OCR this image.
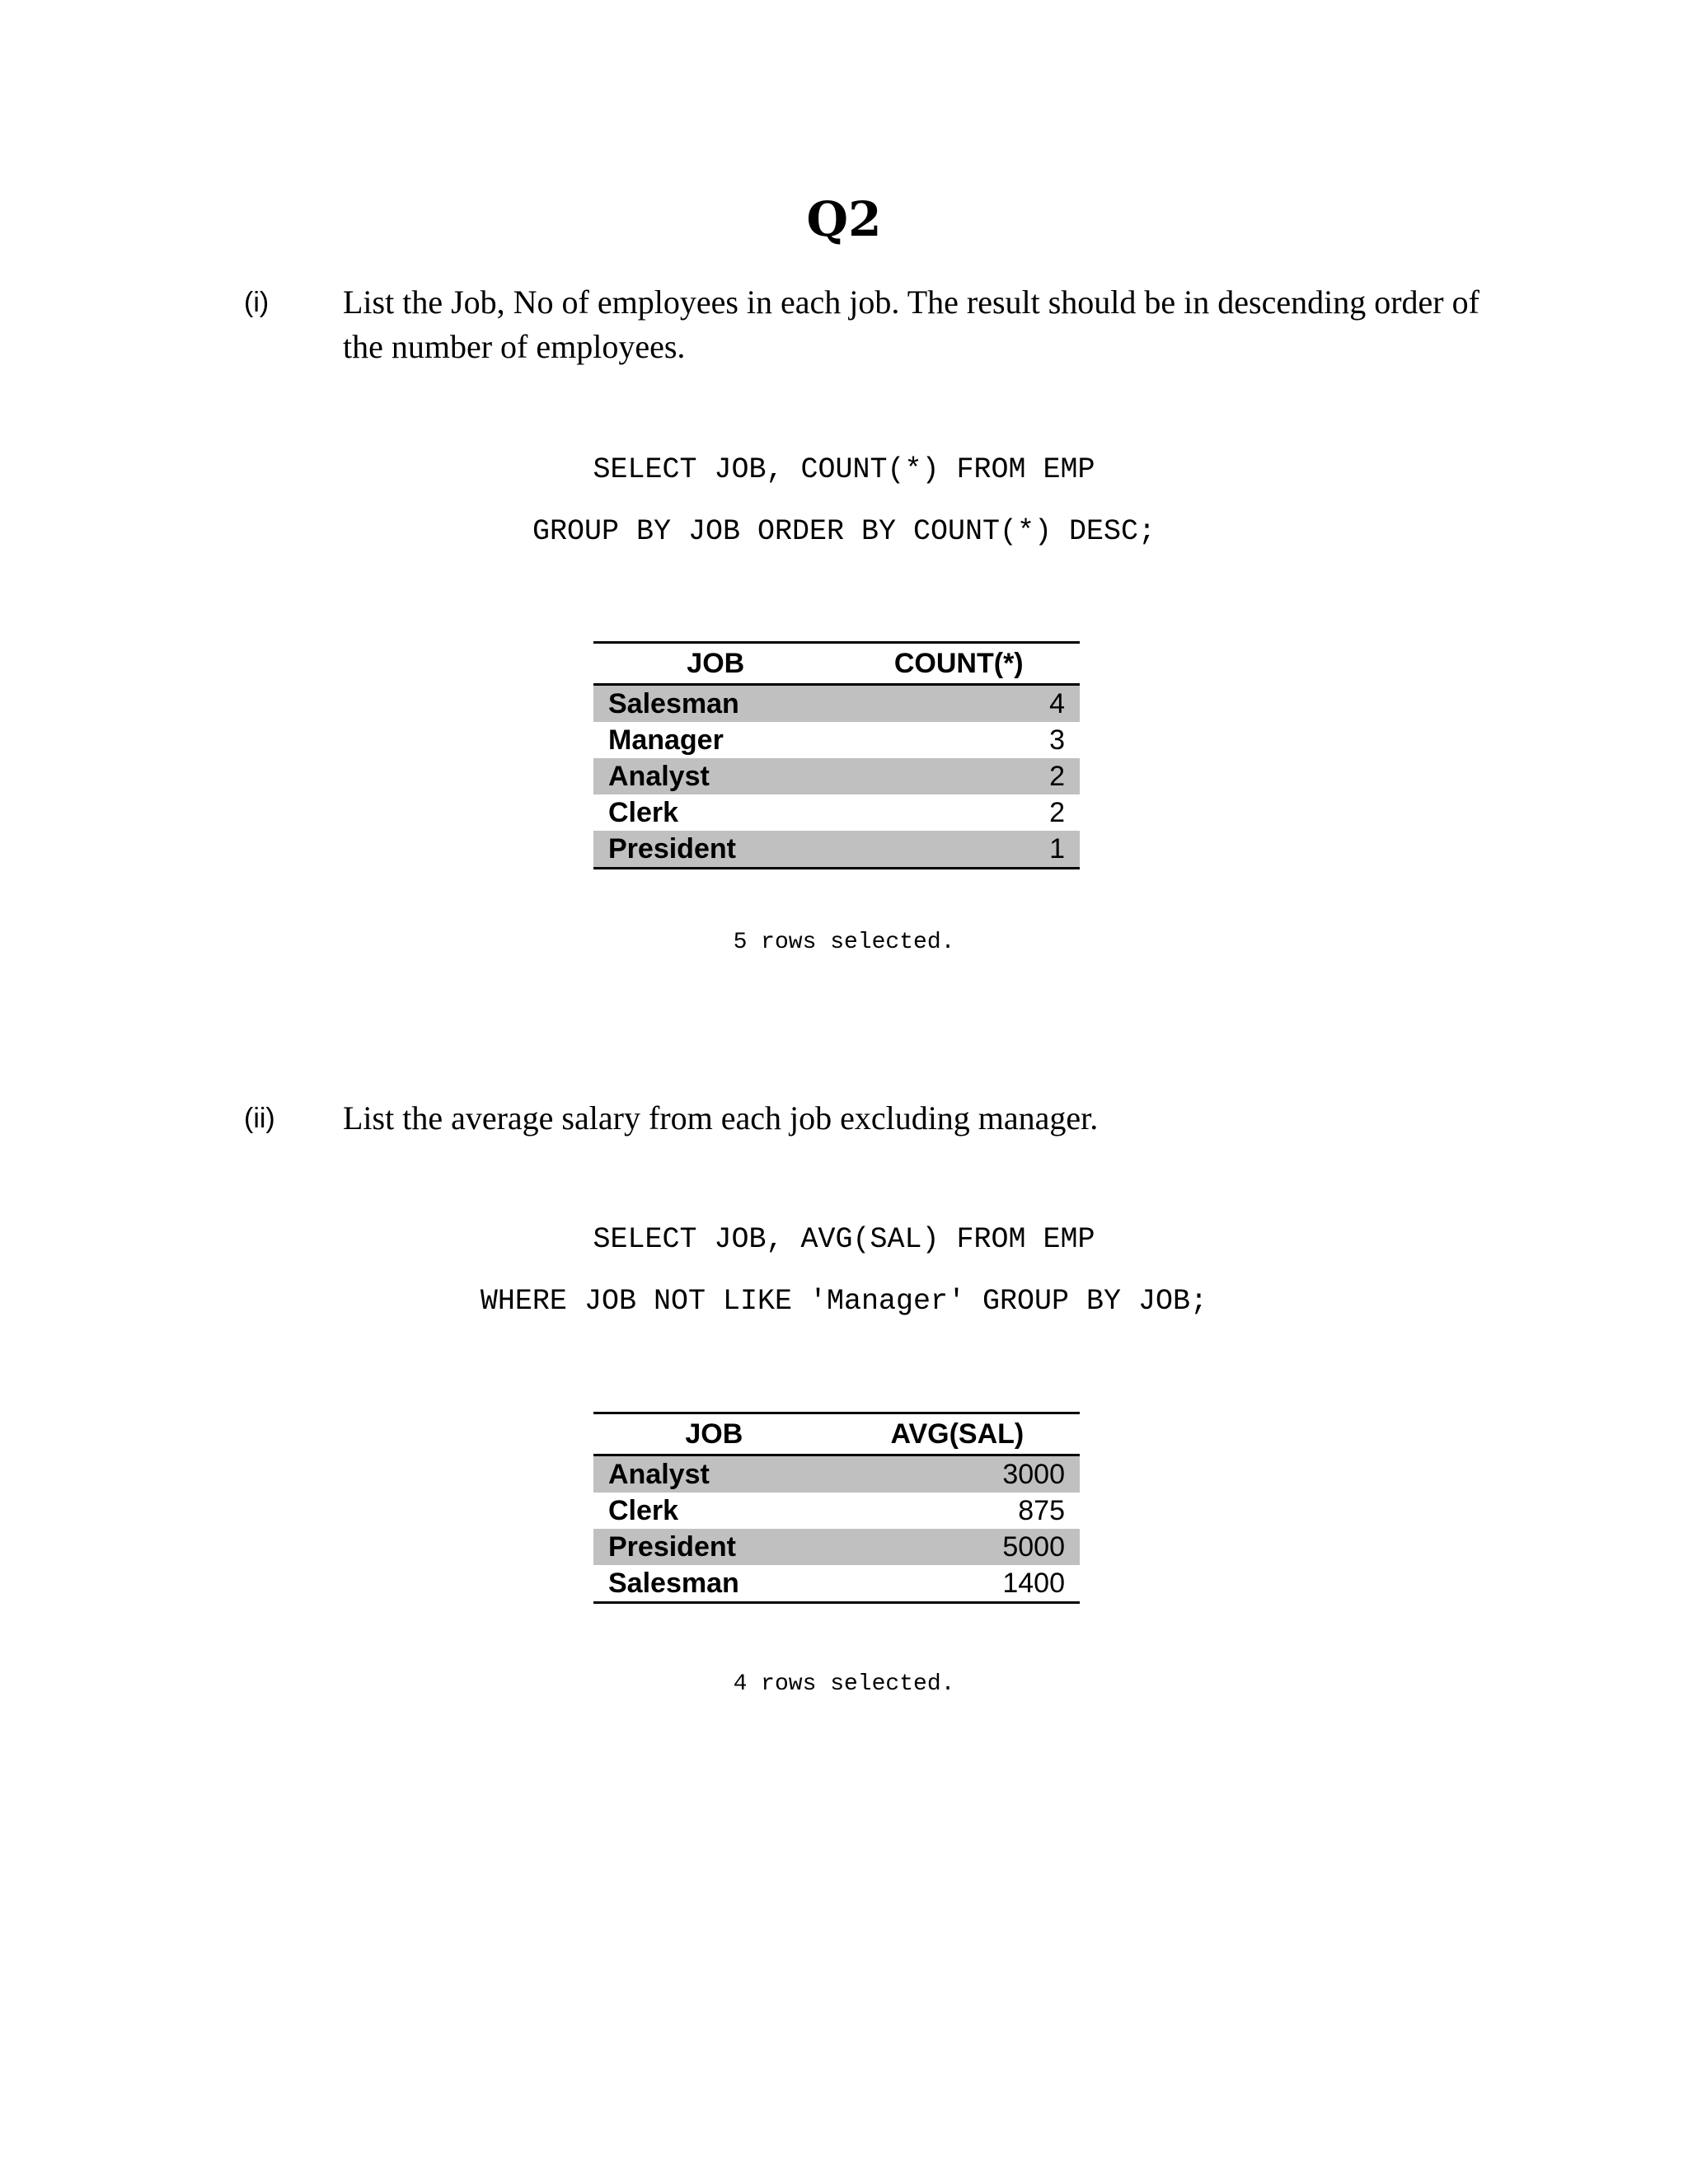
Q2
(i) List the Job, No of employees in each job. The result should be in descending order of the number of employees.
SELECT JOB, COUNT(*) FROM EMP
GROUP BY JOB ORDER BY COUNT(*) DESC;
JOB	COUNT(*)
Salesman	4
Manager	3
Analyst	2
Clerk	2
President	1
5 rows selected.
(ii) List the average salary from each job excluding manager.
SELECT JOB, AVG(SAL) FROM EMP
WHERE JOB NOT LIKE 'Manager' GROUP BY JOB;
JOB	AVG(SAL)
Analyst	3000
Clerk	875
President	5000
Salesman	1400
4 rows selected.
